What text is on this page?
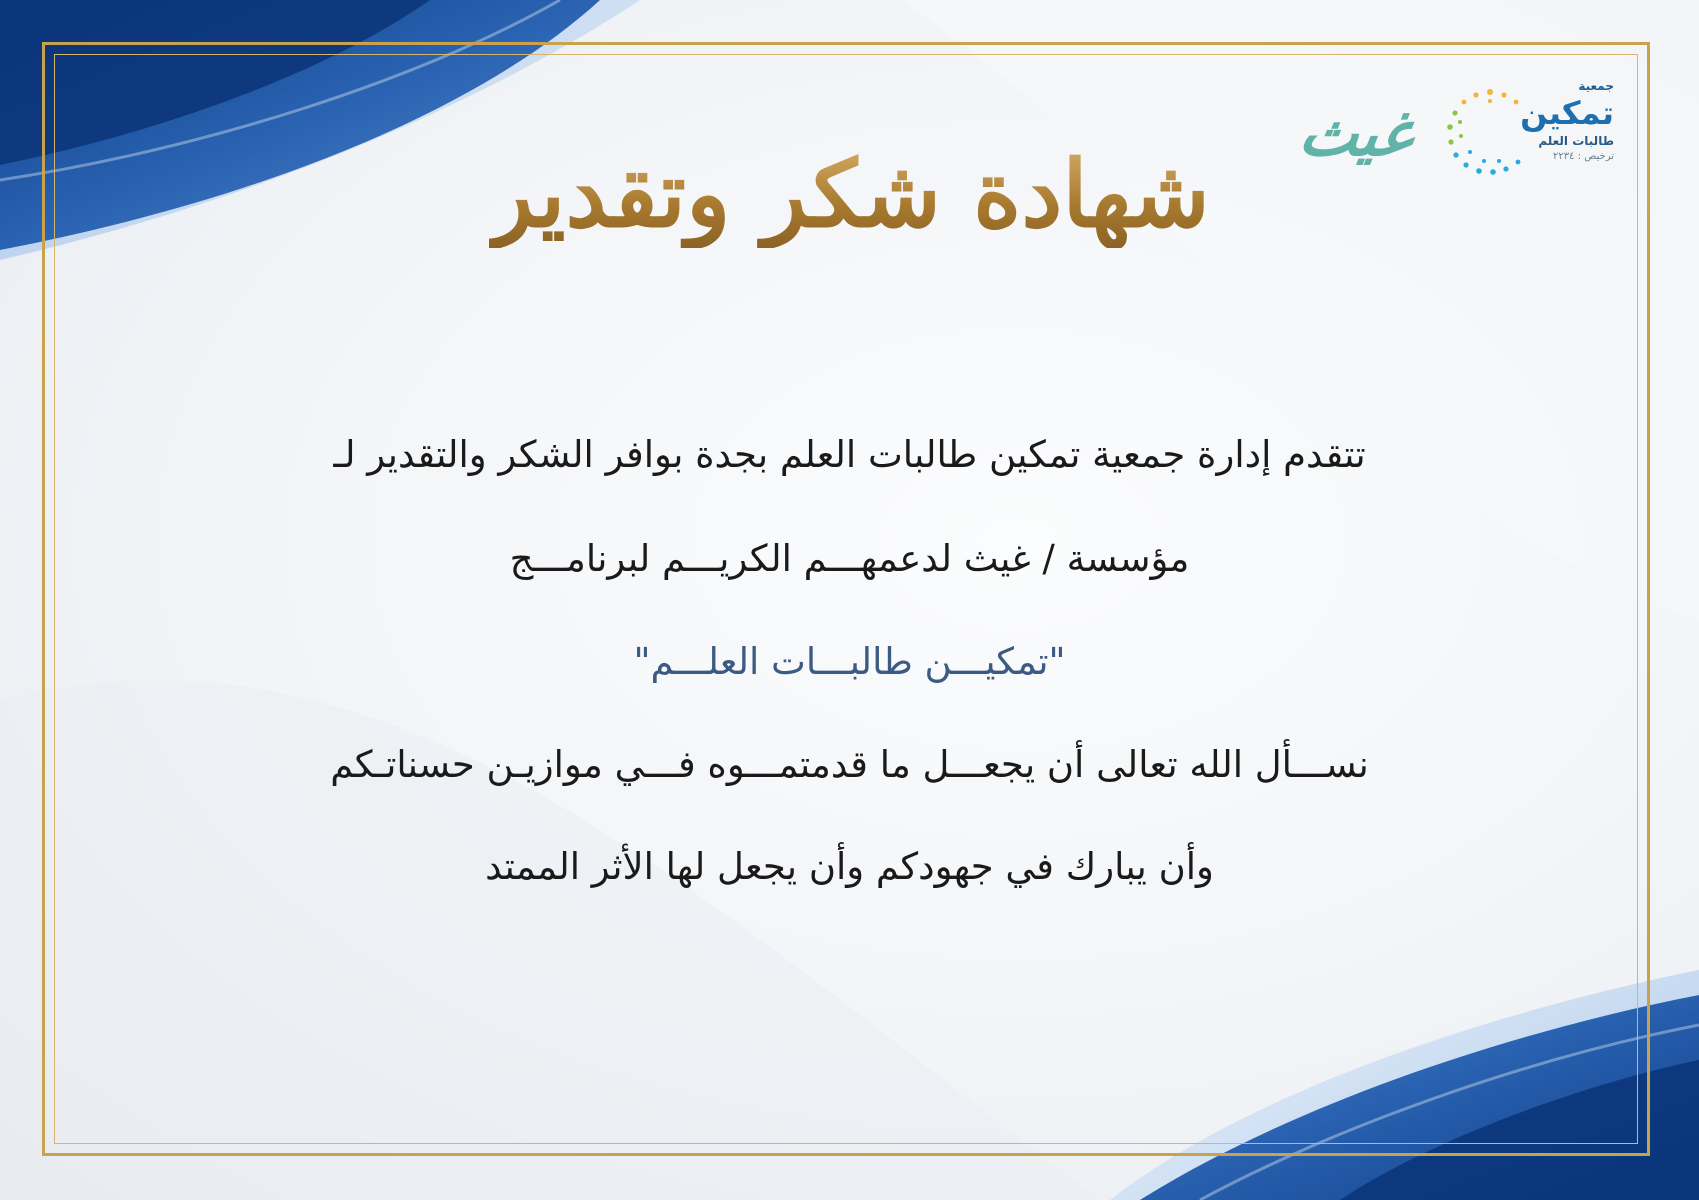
جمعية
تمكين
طالبات العلم
ترخيص : ٢٢٣٤
غيث
شهادة شكر وتقدير
تتقدم إدارة جمعية تمكين طالبات العلم بجدة بوافر الشكر والتقدير لـ
مؤسسة / غيث لدعمهـــم الكريـــم لبرنامـــج
"تمكيـــن طالبـــات العلـــم"
نســـأل الله تعالى أن يجعـــل ما قدمتمـــوه فـــي موازيـن حسناتـكم
وأن يبارك في جهودكم وأن يجعل لها الأثر الممتد
